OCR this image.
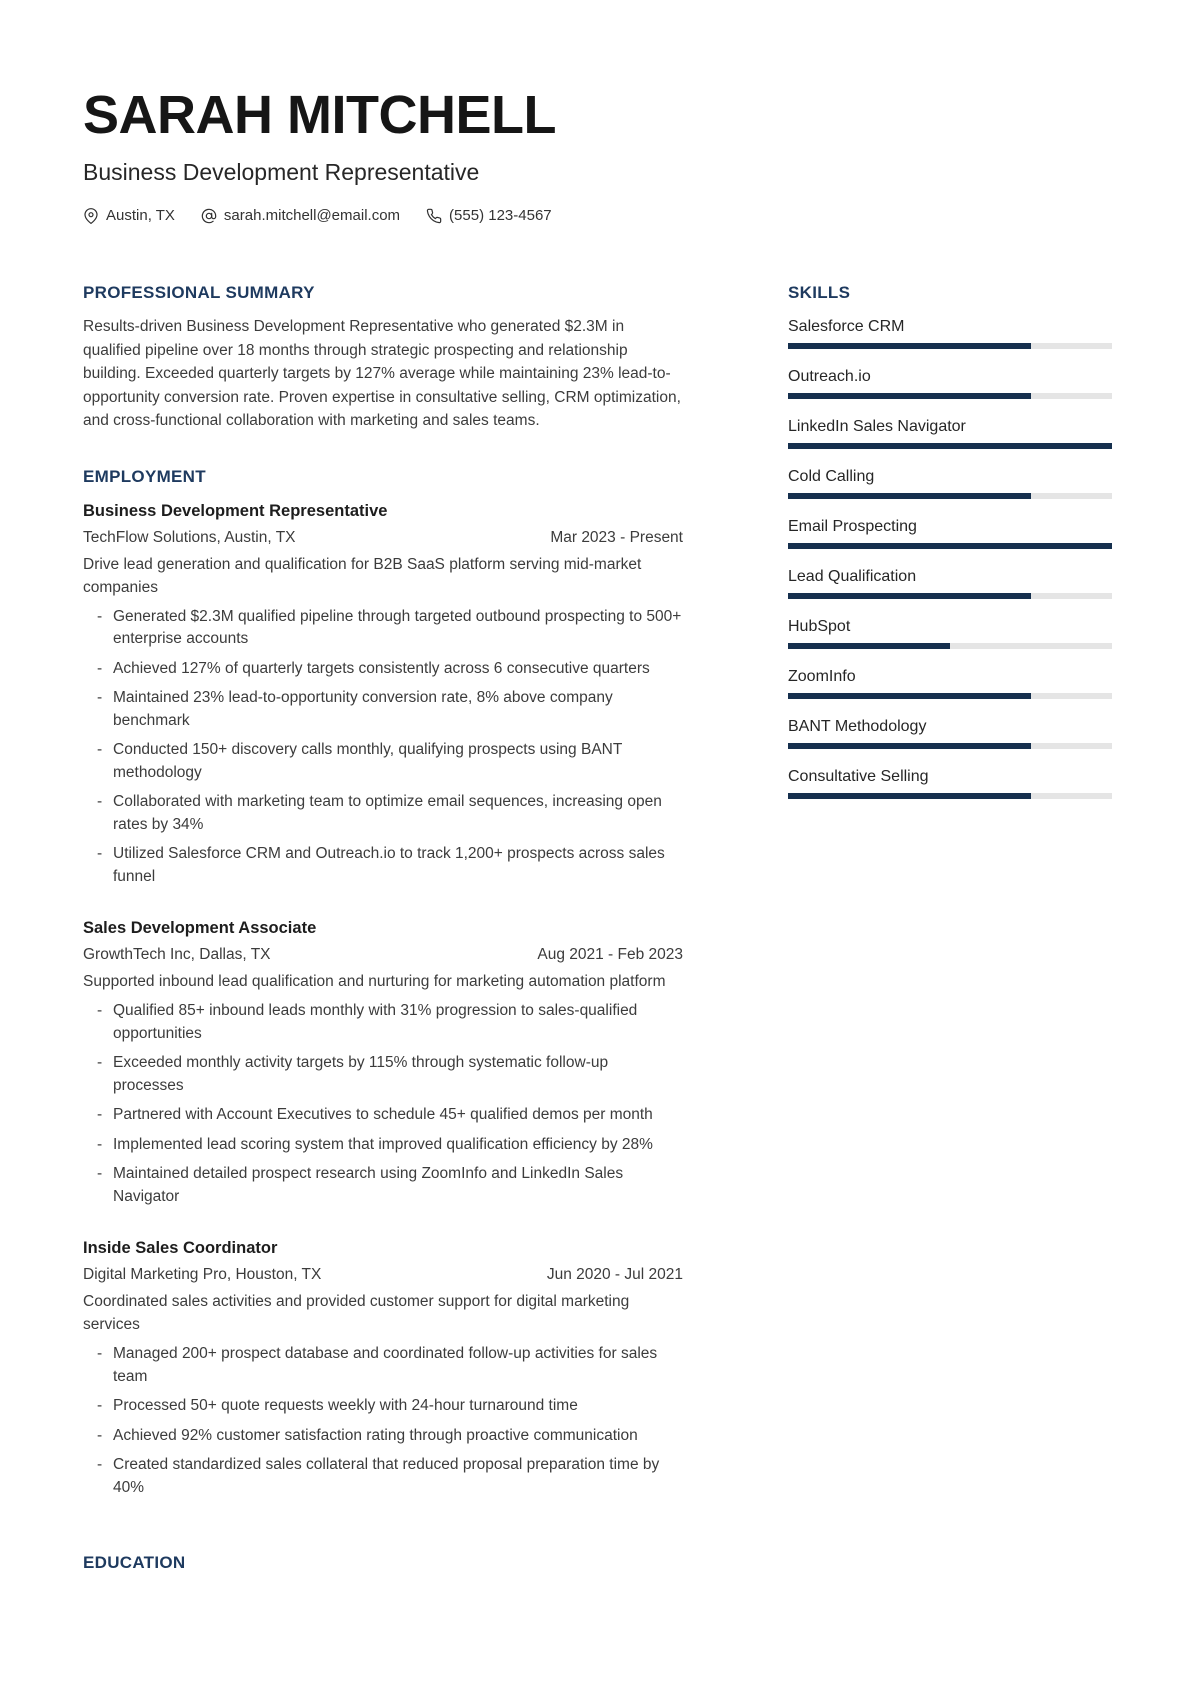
SARAH MITCHELL
Business Development Representative
Austin, TX	sarah.mitchell@email.com	(555) 123-4567
PROFESSIONAL SUMMARY

Results-driven Business Development Representative who generated $2.3M in qualified pipeline over 18 months through strategic prospecting and relationship building. Exceeded quarterly targets by 127% average while maintaining 23% lead-to-opportunity conversion rate. Proven expertise in consultative selling, CRM optimization, and cross-functional collaboration with marketing and sales teams.

EMPLOYMENT
Business Development Representative
TechFlow Solutions, Austin, TX	Mar 2023 - Present

Drive lead generation and qualification for B2B SaaS platform serving mid-market companies

- Generated $2.3M qualified pipeline through targeted outbound prospecting to 500+ enterprise accounts
- Achieved 127% of quarterly targets consistently across 6 consecutive quarters
- Maintained 23% lead-to-opportunity conversion rate, 8% above company benchmark
- Conducted 150+ discovery calls monthly, qualifying prospects using BANT methodology
- Collaborated with marketing team to optimize email sequences, increasing open rates by 34%
- Utilized Salesforce CRM and Outreach.io to track 1,200+ prospects across sales funnel
Sales Development Associate
GrowthTech Inc, Dallas, TX	Aug 2021 - Feb 2023

Supported inbound lead qualification and nurturing for marketing automation platform

- Qualified 85+ inbound leads monthly with 31% progression to sales-qualified opportunities
- Exceeded monthly activity targets by 115% through systematic follow-up processes
- Partnered with Account Executives to schedule 45+ qualified demos per month
- Implemented lead scoring system that improved qualification efficiency by 28%
- Maintained detailed prospect research using ZoomInfo and LinkedIn Sales Navigator
Inside Sales Coordinator
Digital Marketing Pro, Houston, TX	Jun 2020 - Jul 2021

Coordinated sales activities and provided customer support for digital marketing services

- Managed 200+ prospect database and coordinated follow-up activities for sales team
- Processed 50+ quote requests weekly with 24-hour turnaround time
- Achieved 92% customer satisfaction rating through proactive communication
- Created standardized sales collateral that reduced proposal preparation time by 40%
EDUCATION
SKILLS
Salesforce CRM
Outreach.io
LinkedIn Sales Navigator
Cold Calling
Email Prospecting
Lead Qualification
HubSpot
ZoomInfo
BANT Methodology
Consultative Selling
